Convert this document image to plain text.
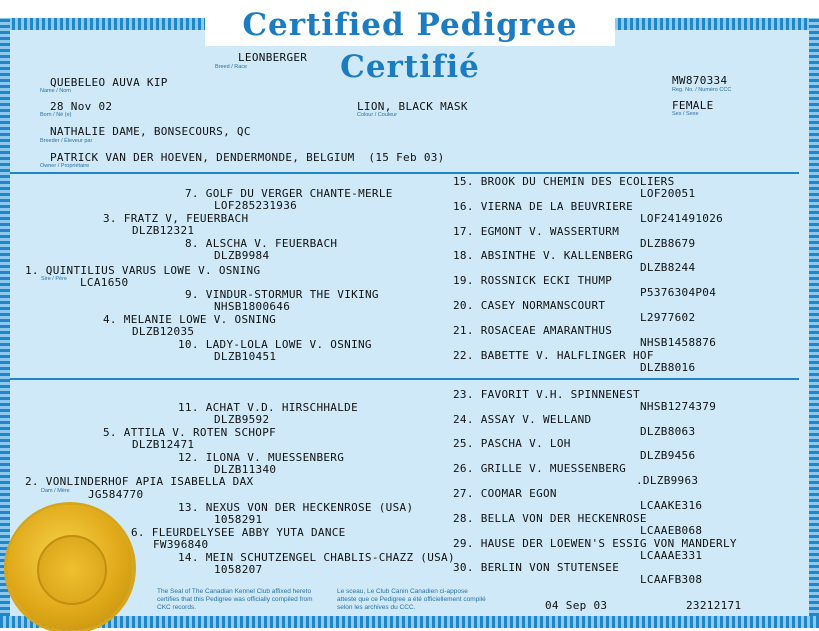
Certified Pedigree Certifié
LEONBERGER
Breed / Race
QUEBELEO AUVA KIP
Name / Nom
MW870334
Reg. No. / Numéro CCC
28 Nov 02
Born / Né (e)
LION, BLACK MASK
Colour / Couleur
FEMALE
Sex / Sexe
NATHALIE DAME, BONSECOURS, QC
Breeder / Éleveur par
PATRICK VAN DER HOEVEN, DENDERMONDE, BELGIUM  (15 Feb 03)
Owner / Propriétaire
1. QUINTILIUS VARUS LOWE V. OSNING
Sire / Père LCA1650
2. VONLINDERHOF APIA ISABELLA DAX
Dam / Mère JG584770
3. FRATZ V, FEUERBACH
DLZB12321
4. MELANIE LOWE V. OSNING
DLZB12035
5. ATTILA V. ROTEN SCHOPF
DLZB12471
6. FLEURDELYSEE ABBY YUTA DANCE
FW396840
7. GOLF DU VERGER CHANTE-MERLE
LOF285231936
8. ALSCHA V. FEUERBACH
DLZB9984
9. VINDUR-STORMUR THE VIKING
NHSB1800646
10. LADY-LOLA LOWE V. OSNING
DLZB10451
11. ACHAT V.D. HIRSCHHALDE
DLZB9592
12. ILONA V. MUESSENBERG
DLZB11340
13. NEXUS VON DER HECKENROSE (USA)
1058291
14. MEIN SCHUTZENGEL CHABLIS-CHAZZ (USA)
1058207
15. BROOK DU CHEMIN DES ECOLIERS
LOF20051
16. VIERNA DE LA BEUVRIERE
LOF241491026
17. EGMONT V. WASSERTURM
DLZB8679
18. ABSINTHE V. KALLENBERG
DLZB8244
19. ROSSNICK ECKI THUMP
P5376304P04
20. CASEY NORMANSCOURT
L2977602
21. ROSACEAE AMARANTHUS
NHSB1458876
22. BABETTE V. HALFLINGER HOF
DLZB8016
23. FAVORIT V.H. SPINNENEST
NHSB1274379
24. ASSAY V. WELLAND
DLZB8063
25. PASCHA V. LOH
DLZB9456
26. GRILLE V. MUESSENBERG
.DLZB9963
27. COOMAR EGON
LCAAKE316
28. BELLA VON DER HECKENROSE
LCAAEB068
29. HAUSE DER LOEWEN'S ESSIG VON MANDERLY
LCAAAE331
30. BERLIN VON STUTENSEE
LCAAFB308
The Seal of The Canadian Kennel Club affixed hereto
certifies that this Pedigree was officially compiled from
CKC records.
Le sceau, Le Club Canin Canadien ci-appose
atteste que ce Pedigree a été officiellement compilé
selon les archives du CCC.	04 Sep 03	23212171
